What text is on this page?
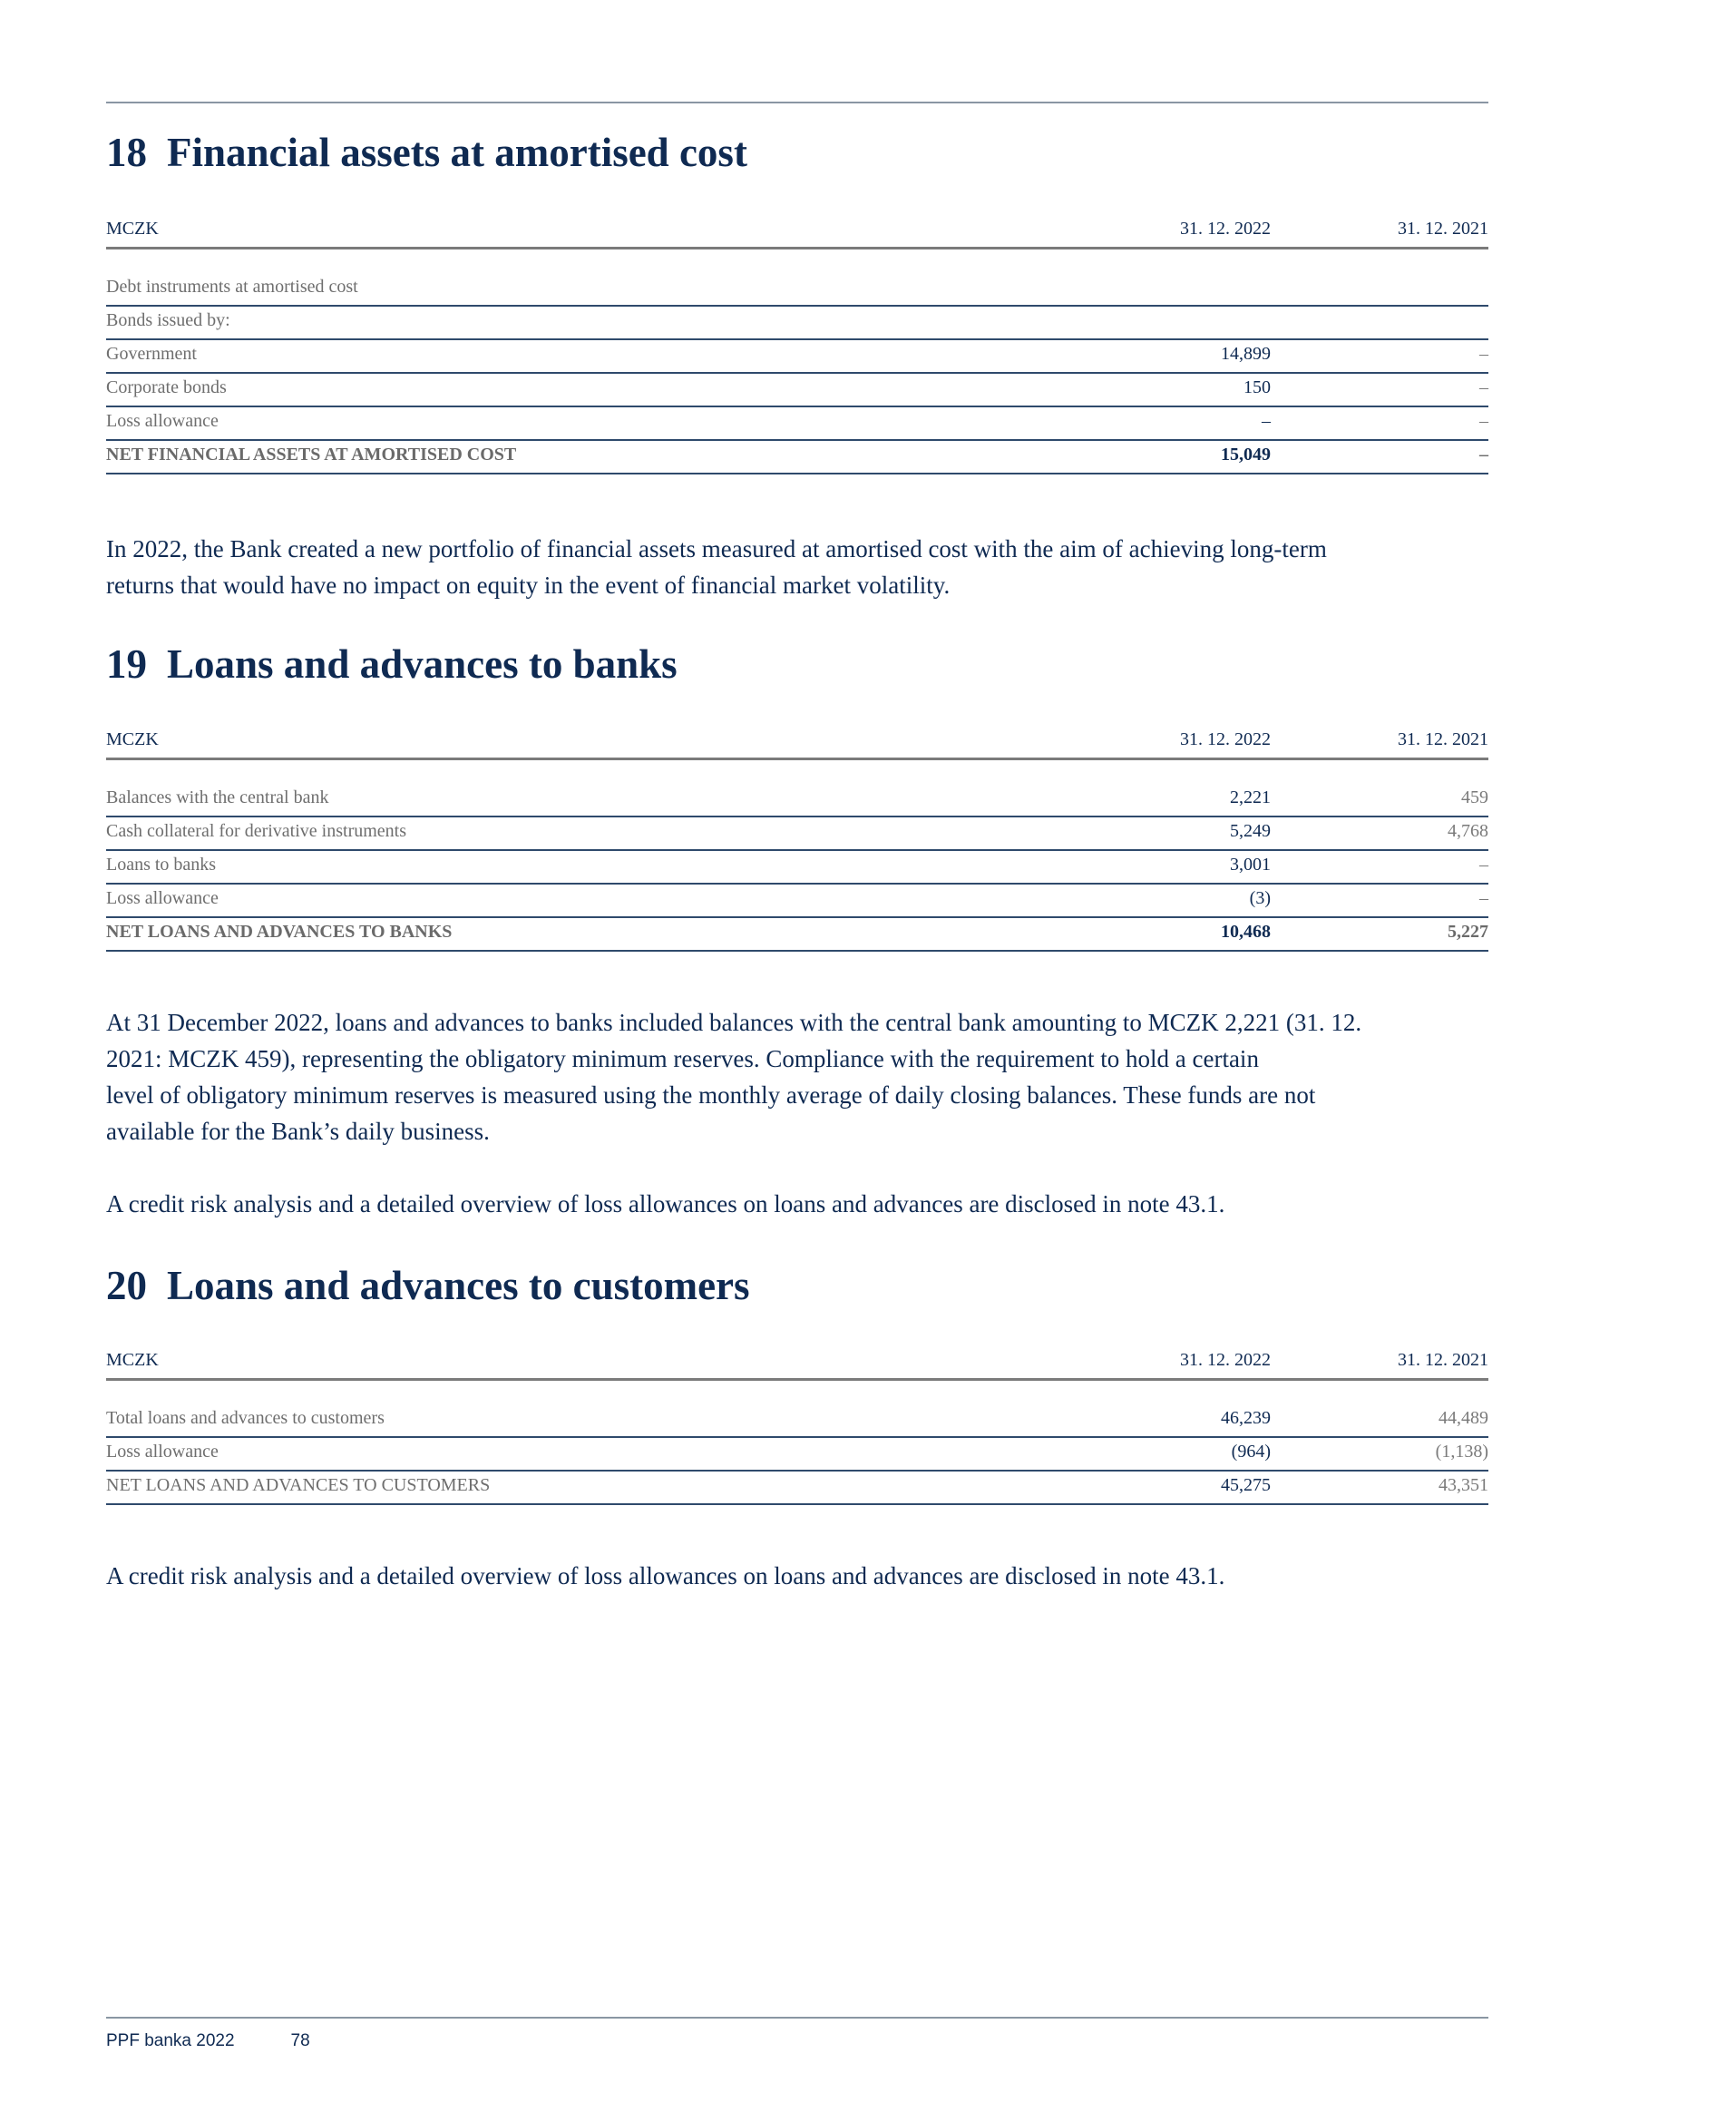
18 Financial assets at amortised cost
MCZK	31. 12. 2022	31. 12. 2021
Debt instruments at amortised cost
Bonds issued by:
Government	14,899	–
Corporate bonds	150	–
Loss allowance	–	–
NET FINANCIAL ASSETS AT AMORTISED COST	15,049	–

In 2022, the Bank created a new portfolio of financial assets measured at amortised cost with the aim of achieving long-term
returns that would have no impact on equity in the event of financial market volatility.

19 Loans and advances to banks
MCZK	31. 12. 2022	31. 12. 2021
Balances with the central bank	2,221	459
Cash collateral for derivative instruments	5,249	4,768
Loans to banks	3,001	–
Loss allowance	(3)	–
NET LOANS AND ADVANCES TO BANKS	10,468	5,227

At 31 December 2022, loans and advances to banks included balances with the central bank amounting to MCZK 2,221 (31. 12.
2021: MCZK 459), representing the obligatory minimum reserves. Compliance with the requirement to hold a certain
level of obligatory minimum reserves is measured using the monthly average of daily closing balances. These funds are not
available for the Bank’s daily business.

A credit risk analysis and a detailed overview of loss allowances on loans and advances are disclosed in note 43.1.

20 Loans and advances to customers
MCZK	31. 12. 2022	31. 12. 2021
Total loans and advances to customers	46,239	44,489
Loss allowance	(964)	(1,138)
NET LOANS AND ADVANCES TO CUSTOMERS	45,275	43,351

A credit risk analysis and a detailed overview of loss allowances on loans and advances are disclosed in note 43.1.

PPF banka 2022	78
